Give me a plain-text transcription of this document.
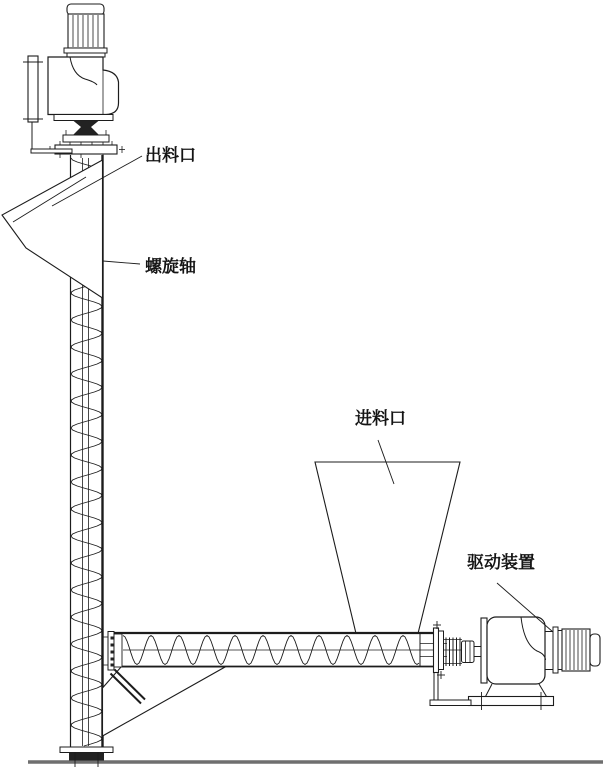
出料口
螺旋轴
进料口
驱动装置
